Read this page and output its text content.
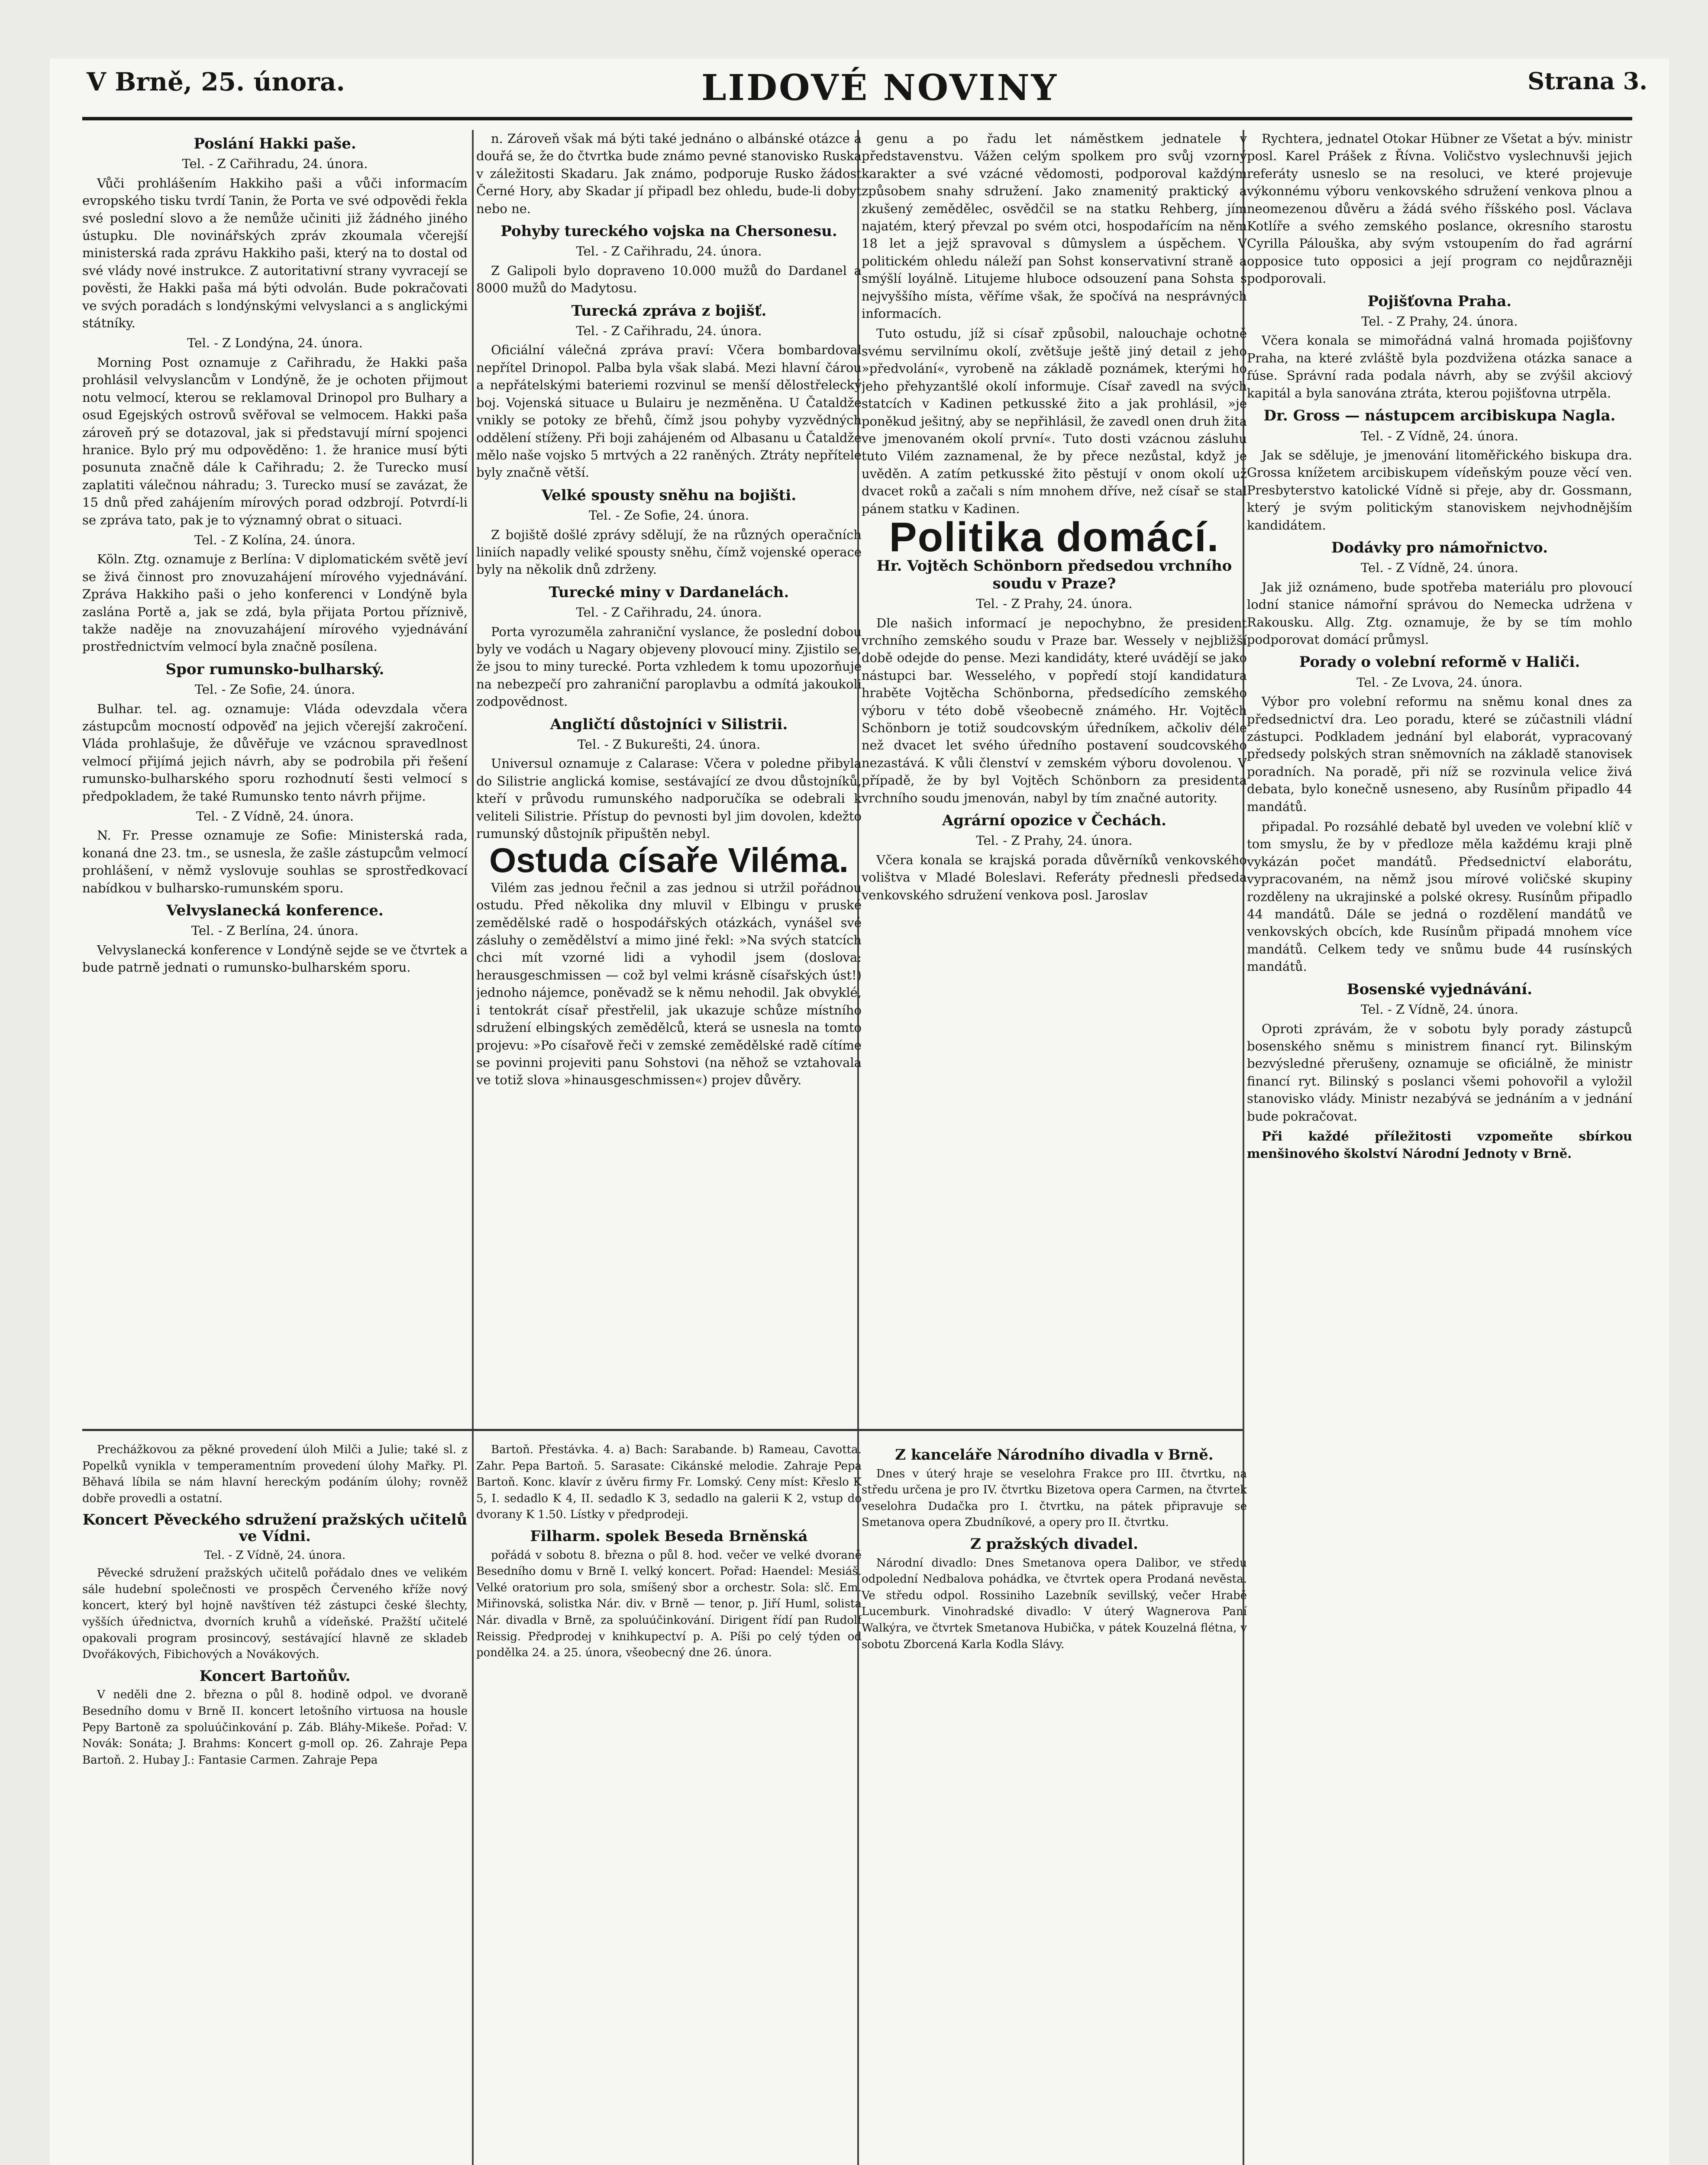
V Brně, 25. února.	LIDOVÉ NOVINY	Strana 3.
Poslání Hakki paše.
Tel. - Z Cařihradu, 24. února.

Vůči prohlášením Hakkiho paši a vůči informacím evropského tisku tvrdí Tanin, že Porta ve své odpovědi řekla své poslední slovo a že nemůže učiniti již žádného jiného ústupku. Dle novinářských zpráv zkoumala včerejší ministerská rada zprávu Hakkiho paši, který na to dostal od své vlády nové instrukce. Z autoritativní strany vyvracejí se pověsti, že Hakki paša má býti odvolán. Bude pokračovati ve svých poradách s londýnskými velvyslanci a s anglickými státníky.

Tel. - Z Londýna, 24. února.

Morning Post oznamuje z Cařihradu, že Hakki paša prohlásil velvyslancům v Londýně, že je ochoten přijmout notu velmocí, kterou se reklamoval Drinopol pro Bulhary a osud Egejských ostrovů svěřoval se velmocem. Hakki paša zároveň prý se dotazoval, jak si představují mírní spojenci hranice. Bylo prý mu odpověděno: 1. že hranice musí býti posunuta značně dále k Cařihradu; 2. že Turecko musí zaplatiti válečnou náhradu; 3. Turecko musí se zavázat, že 15 dnů před zahájením mírových porad odzbrojí. Potvrdí-li se zpráva tato, pak je to významný obrat o situaci.

Tel. - Z Kolína, 24. února.

Köln. Ztg. oznamuje z Berlína: V diplomatickém světě jeví se živá činnost pro znovuzahájení mírového vyjednávání. Zpráva Hakkiho paši o jeho konferenci v Londýně byla zaslána Portě a, jak se zdá, byla přijata Portou příznivě, takže naděje na znovuzahájení mírového vyjednávání prostřednictvím velmocí byla značně posílena.

Spor rumunsko-bulharský.
Tel. - Ze Sofie, 24. února.

Bulhar. tel. ag. oznamuje: Vláda odevzdala včera zástupcům mocností odpověď na jejich včerejší zakročení. Vláda prohlašuje, že důvěřuje ve vzácnou spravedlnost velmocí přijímá jejich návrh, aby se podrobila při řešení rumunsko-bulharského sporu rozhodnutí šesti velmocí s předpokladem, že také Rumunsko tento návrh přijme.

Tel. - Z Vídně, 24. února.

N. Fr. Presse oznamuje ze Sofie: Ministerská rada, konaná dne 23. tm., se usnesla, že zašle zástupcům velmocí prohlášení, v němž vyslovuje souhlas se sprostředkovací nabídkou v bulharsko-rumunském sporu.

Velvyslanecká konference.
Tel. - Z Berlína, 24. února.

Velvyslanecká konference v Londýně sejde se ve čtvrtek a bude patrně jednati o rumunsko-bulharském sporu.

n. Zároveň však má býti také jednáno o albánské otázce a douřá se, že do čtvrtka bude známo pevné stanovisko Ruska v záležitosti Skadaru. Jak známo, podporuje Rusko žádost Černé Hory, aby Skadar jí připadl bez ohledu, bude-li dobyt nebo ne.

Pohyby tureckého vojska na Chersonesu.
Tel. - Z Cařihradu, 24. února.

Z Galipoli bylo dopraveno 10.000 mužů do Dardanel a 8000 mužů do Madytosu.

Turecká zpráva z bojišť.
Tel. - Z Cařihradu, 24. února.

Oficiální válečná zpráva praví: Včera bombardoval nepřítel Drinopol. Palba byla však slabá. Mezi hlavní čárou a nepřátelskými bateriemi rozvinul se menší dělostřelecký boj. Vojenská situace u Bulairu je nezměněna. U Čataldže vnikly se potoky ze břehů, čímž jsou pohyby vyzvědných oddělení stíženy. Při boji zahájeném od Albasanu u Čataldže mělo naše vojsko 5 mrtvých a 22 raněných. Ztráty nepřítele byly značně větší.

Velké spousty sněhu na bojišti.
Tel. - Ze Sofie, 24. února.

Z bojiště došlé zprávy sdělují, že na různých operačních liniích napadly veliké spousty sněhu, čímž vojenské operace byly na několik dnů zdrženy.

Turecké miny v Dardanelách.
Tel. - Z Cařihradu, 24. února.

Porta vyrozuměla zahraniční vyslance, že poslední dobou byly ve vodách u Nagary objeveny plovoucí miny. Zjistilo se, že jsou to miny turecké. Porta vzhledem k tomu upozorňuje na nebezpečí pro zahraniční paroplavbu a odmítá jakoukoli zodpovědnost.

Angličtí důstojníci v Silistrii.
Tel. - Z Bukurešti, 24. února.

Universul oznamuje z Calarase: Včera v poledne přibyla do Silistrie anglická komise, sestávající ze dvou důstojníků, kteří v průvodu rumunského nadporučíka se odebrali k veliteli Silistrie. Přístup do pevnosti byl jim dovolen, kdežto rumunský důstojník připuštěn nebyl.

Ostuda císaře Viléma.

Vilém zas jednou řečnil a zas jednou si utržil pořádnou ostudu. Před několika dny mluvil v Elbingu v pruské zemědělské radě o hospodářských otázkách, vynášel své zásluhy o zemědělství a mimo jiné řekl: »Na svých statcích chci mít vzorné lidi a vyhodil jsem (doslova: herausgeschmissen — což byl velmi krásně císařských úst!) jednoho nájemce, poněvadž se k němu nehodil. Jak obvyklé, i tentokrát císař přestřelil, jak ukazuje schůze místního sdružení elbingských zemědělců, která se usnesla na tomto projevu: »Po císařově řeči v zemské zemědělské radě cítíme se povinni projeviti panu Sohstovi (na něhož se vztahovala ve totiž slova »hinausgeschmissen«) projev důvěry.

genu a po řadu let náměstkem jednatele v představenstvu. Vážen celým spolkem pro svůj vzorný karakter a své vzácné vědomosti, podporoval každým způsobem snahy sdružení. Jako znamenitý praktický a zkušený zemědělec, osvědčil se na statku Rehberg, jím najatém, který převzal po svém otci, hospodařícím na něm 18 let a jejž spravoval s dûmyslem a úspěchem. V politickém ohledu náleží pan Sohst konservativní straně a smýšlí loyálně. Litujeme hluboce odsouzení pana Sohsta s nejvyššího místa, věříme však, že spočívá na nesprávných informacích.

Tuto ostudu, jíž si císař způsobil, nalouchaje ochotně svému servilnímu okolí, zvětšuje ještě jiný detail z jeho »předvolání«, vyrobeně na základě poznámek, kterými ho jeho přehyzantšlé okolí informuje. Císař zavedl na svých statcích v Kadinen petkusské žito a jak prohlásil, »je poněkud ješitný, aby se nepřihlásil, že zavedl onen druh žita ve jmenovaném okolí první«. Tuto dosti vzácnou zásluhu tuto Vilém zaznamenal, že by přece nezůstal, když je uvěděn. A zatím petkusské žito pěstují v onom okolí už dvacet roků a začali s ním mnohem dříve, než císař se stal pánem statku v Kadinen.

Politika domácí.
Hr. Vojtěch Schönborn předsedou vrchního soudu v Praze?
Tel. - Z Prahy, 24. února.

Dle našich informací je nepochybno, že president vrchního zemského soudu v Praze bar. Wessely v nejbližší době odejde do pense. Mezi kandidáty, které uvádějí se jako nástupci bar. Wesselého, v popředí stojí kandidatura hraběte Vojtěcha Schönborna, předsedícího zemského výboru v této době všeobecně známého. Hr. Vojtěch Schönborn je totiž soudcovským úředníkem, ačkoliv déle než dvacet let svého úředního postavení soudcovského nezastává. K vůli členství v zemském výboru dovolenou. V případě, že by byl Vojtěch Schönborn za presidenta vrchního soudu jmenován, nabyl by tím značné autority.

Agrární opozice v Čechách.
Tel. - Z Prahy, 24. února.

Včera konala se krajská porada důvěrníků venkovského volištva v Mladé Boleslavi. Referáty přednesli předseda venkovského sdružení venkova posl. Jaroslav

Rychtera, jednatel Otokar Hübner ze Všetat a býv. ministr posl. Karel Prášek z Řívna. Voličstvo vyslechnuvši jejich referáty usneslo se na resoluci, ve které projevuje výkonnému výboru venkovského sdružení venkova plnou a neomezenou důvěru a žádá svého říšského posl. Václava Kotlíře a svého zemského poslance, okresního starostu Cyrilla Pálouška, aby svým vstoupením do řad agrární opposice tuto opposici a její program co nejdůrazněji podporovali.

Pojišťovna Praha.
Tel. - Z Prahy, 24. února.

Včera konala se mimořádná valná hromada pojišťovny Praha, na které zvláště byla pozdvižena otázka sanace a fúse. Správní rada podala návrh, aby se zvýšil akciový kapitál a byla sanována ztráta, kterou pojišťovna utrpěla.

Dr. Gross — nástupcem arcibiskupa Nagla.
Tel. - Z Vídně, 24. února.

Jak se sděluje, je jmenování litoměřického biskupa dra. Grossa knížetem arcibiskupem vídeňským pouze věcí ven. Presbyterstvo katolické Vídně si přeje, aby dr. Gossmann, který je svým politickým stanoviskem nejvhodnějším kandidátem.

Dodávky pro námořnictvo.
Tel. - Z Vídně, 24. února.

Jak již oznámeno, bude spotřeba materiálu pro plovoucí lodní stanice námořní správou do Nemecka udržena v Rakousku. Allg. Ztg. oznamuje, že by se tím mohlo podporovat domácí průmysl.

Porady o volební reformě v Haliči.
Tel. - Ze Lvova, 24. února.

Výbor pro volební reformu na sněmu konal dnes za předsednictví dra. Leo poradu, které se zúčastnili vládní zástupci. Podkladem jednání byl elaborát, vypracovaný předsedy polských stran sněmovních na základě stanovisek poradních. Na poradě, při níž se rozvinula velice živá debata, bylo konečně usneseno, aby Rusínům připadlo 44 mandátů.

připadal. Po rozsáhlé debatě byl uveden ve volební klíč v tom smyslu, že by v předloze měla každému kraji plně vykázán počet mandátů. Předsednictví elaborátu, vypracovaném, na němž jsou mírové voličské skupiny rozděleny na ukrajinské a polské okresy. Rusínům připadlo 44 mandátů. Dále se jedná o rozdělení mandátů ve venkovských obcích, kde Rusínům připadá mnohem více mandátů. Celkem tedy ve snůmu bude 44 rusínských mandátů.

Bosenské vyjednávání.
Tel. - Z Vídně, 24. února.

Oproti zprávám, že v sobotu byly porady zástupců bosenského sněmu s ministrem financí ryt. Bilinským bezvýsledné přerušeny, oznamuje se oficiálně, že ministr financí ryt. Bilinský s poslanci všemi pohovořil a vyložil stanovisko vlády. Ministr nezabývá se jednáním a v jednání bude pokračovat.

Při každé příležitosti vzpomeňte sbírkou menšinového školství Národní Jednoty v Brně.

Prechážkovou za pěkné provedení úloh Milči a Julie; také sl. z Popelků vynikla v temperamentním provedení úlohy Mařky. Pl. Běhavá líbila se nám hlavní hereckým podáním úlohy; rovněž dobře provedli a ostatní.

Koncert Pěveckého sdružení pražských učitelů ve Vídni.
Tel. - Z Vídně, 24. února.

Pěvecké sdružení pražských učitelů pořádalo dnes ve velikém sále hudební společnosti ve prospěch Červeného kříže nový koncert, který byl hojně navštíven též zástupci české šlechty, vyšších úřednictva, dvorních kruhů a vídeňské. Pražští učitelé opakovali program prosincový, sestávající hlavně ze skladeb Dvořákových, Fibichových a Novákových.

Koncert Bartoňův.

V neděli dne 2. března o půl 8. hodině odpol. ve dvoraně Besedního domu v Brně II. koncert letošního virtuosa na housle Pepy Bartoně za spoluúčinkování p. Záb. Bláhy-Mikeše. Pořad: V. Novák: Sonáta; J. Brahms: Koncert g-moll op. 26. Zahraje Pepa Bartoň. 2. Hubay J.: Fantasie Carmen. Zahraje Pepa

Bartoň. Přestávka. 4. a) Bach: Sarabande. b) Rameau, Cavotta. Zahr. Pepa Bartoň. 5. Sarasate: Cikánské melodie. Zahraje Pepa Bartoň. Konc. klavír z úvěru firmy Fr. Lomský. Ceny míst: Křeslo K 5, I. sedadlo K 4, II. sedadlo K 3, sedadlo na galerii K 2, vstup do dvorany K 1.50. Lístky v předprodeji.

Filharm. spolek Beseda Brněnská

pořádá v sobotu 8. března o půl 8. hod. večer ve velké dvoraně Besedního domu v Brně I. velký koncert. Pořad: Haendel: Mesiáš. Velké oratorium pro sola, smíšený sbor a orchestr. Sola: slč. Em. Miřinovská, solistka Nár. div. v Brně — tenor, p. Jiří Huml, solista Nár. divadla v Brně, za spoluúčinkování. Dirigent řídí pan Rudolf Reissig. Předprodej v knihkupectví p. A. Píši po celý týden od pondělka 24. a 25. února, všeobecný dne 26. února.

Z kanceláře Národního divadla v Brně.

Dnes v úterý hraje se veselohra Frakce pro III. čtvrtku, na středu určena je pro IV. čtvrtku Bizetova opera Carmen, na čtvrtek veselohra Dudačka pro I. čtvrtku, na pátek připravuje se Smetanova opera Zbudníkové, a opery pro II. čtvrtku.

Z pražských divadel.

Národní divadlo: Dnes Smetanova opera Dalibor, ve středu odpolední Nedbalova pohádka, ve čtvrtek opera Prodaná nevěsta. Ve středu odpol. Rossiniho Lazebník sevillský, večer Hrabě Lucemburk. Vinohradské divadlo: V úterý Wagnerova Paní Walkýra, ve čtvrtek Smetanova Hubička, v pátek Kouzelná flétna, v sobotu Zborcená Karla Kodla Slávy.
